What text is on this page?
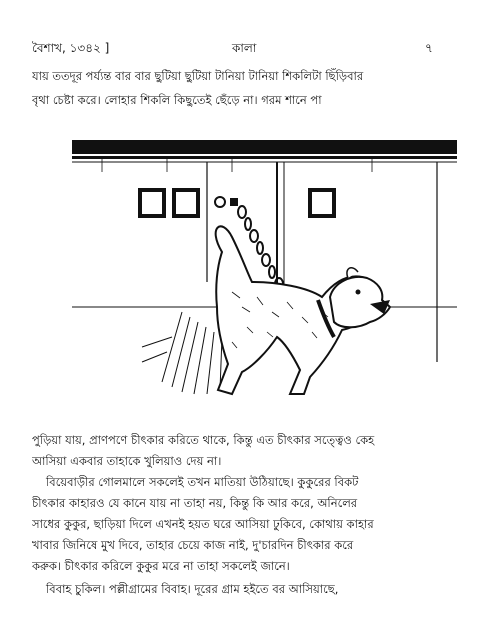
বৈশাখ, ১৩৪২ ]	কালা	৭
যায় ততদূর পর্য্যন্ত বার বার ছুটিয়া ছুটিয়া টানিয়া টানিয়া শিকলিটা ছিঁড়িবার
বৃথা চেষ্টা করে। লোহার শিকলি কিছুতেই ছেঁড়ে না। গরম শানে পা
পুড়িয়া যায়, প্রাণপণে চীৎকার করিতে থাকে, কিন্তু এত চীৎকার সত্ত্বেও কেহ
আসিয়া একবার তাহাকে খুলিয়াও দেয় না।
বিয়েবাড়ীর গোলমালে সকলেই তখন মাতিয়া উঠিয়াছে। কুকুরের বিকট
চীৎকার কাহারও যে কানে যায় না তাহা নয়, কিন্তু কি আর করে, অনিলের
সাধের কুকুর, ছাড়িয়া দিলে এখনই হয়ত ঘরে আসিয়া ঢুকিবে, কোথায় কাহার
খাবার জিনিষে মুখ দিবে, তাহার চেয়ে কাজ নাই, দু'চারদিন চীৎকার করে
করুক। চীৎকার করিলে কুকুর মরে না তাহা সকলেই জানে।
বিবাহ চুকিল। পল্লীগ্রামের বিবাহ। দূরের গ্রাম হইতে বর আসিয়াছে,
